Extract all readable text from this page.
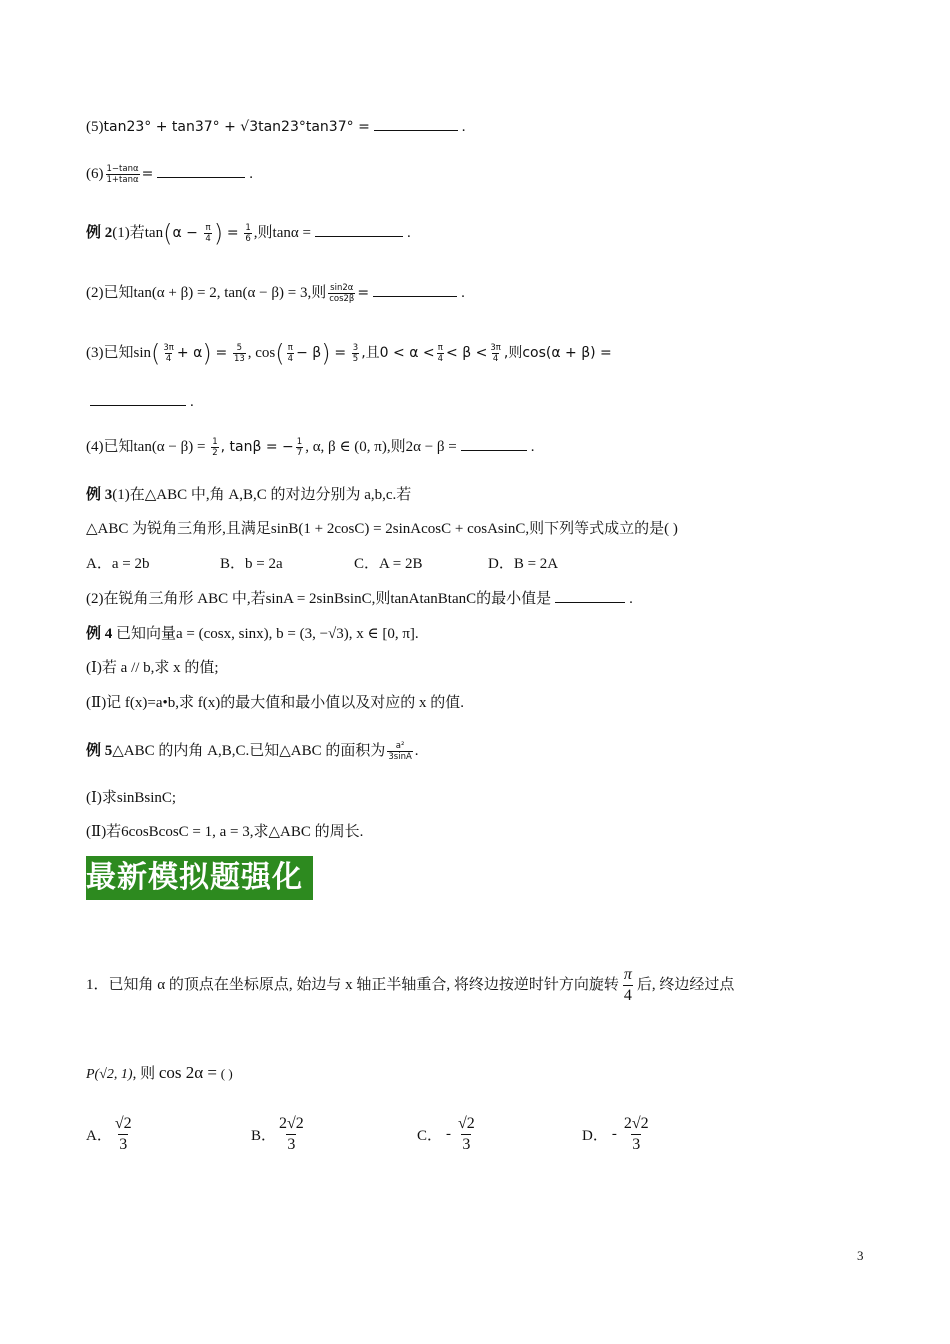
(5)tan23° + tan37° + √3tan23°tan37° =	.
$(6) \frac{1-\tan\alpha}{1+\tan\alpha}$ =	.
例 2(1)若$\tan(\alpha - \frac{\pi}{4}$ ) = $\frac{1}{6}$ ,则tanα =	.
(2)已知tan(α + β) = 2, tan(α − β) = 3,则 $\frac{\sin 2\alpha}{\cos 2\beta}$ =	.
(3)已知$\sin( \frac{3\pi}{4} + \alpha) = \frac{5}{13}$ , $\cos( \frac{\pi}{4} - \beta) = \frac{3}{5}$ ,且$0 < \alpha < \frac{\pi}{4} < \beta < \frac{3\pi}{4}$ ,则cos(α + β) =
.
(4)已知$\tan(\alpha - \beta) = \frac{1}{2}$ , tanβ = − $\frac{1}{7}$ , α, β ∈ (0, π),则2α − β =	.
例 3(1)在△ABC 中,角 A,B,C 的对边分别为 a,b,c.若
△ABC 为锐角三角形,且满足sinB(1 + 2cosC) = 2sinAcosC + cosAsinC,则下列等式成立的是( )
A．a = 2b	B．b = 2a	C．A = 2B	D．B = 2A
(2)在锐角三角形 ABC 中,若sinA = 2sinBsinC,则tanAtanBtanC的最小值是	.
例 4 已知向量a = (cosx, sinx), b = (3, −√3), x ∈ [0, π].
(Ⅰ)若 a // b,求 x 的值;
(Ⅱ)记 f(x)=a•b,求 f(x)的最大值和最小值以及对应的 x 的值.
例 5△ABC 的内角 A,B,C.已知△ABC 的面积为 $\frac{\text{a²}}{3\sin A}$ .
(Ⅰ)求sinBsinC;
(Ⅱ)若6cosBcosC = 1, a = 3,求△ABC 的周长.
最新模拟题强化
1．已知角 α 的顶点在坐标原点, 始边与 x 轴正半轴重合, 将终边按逆时针方向旋转 $\frac{\pi}{4}$ 后, 终边经过点
P(√2, 1), 则 cos 2α = ( )
A． $\frac{√2}{3}$	B． $\frac{2√2}{3}$	C． - $\frac{√2}{3}$	D． - $\frac{2√2}{3}$
3
